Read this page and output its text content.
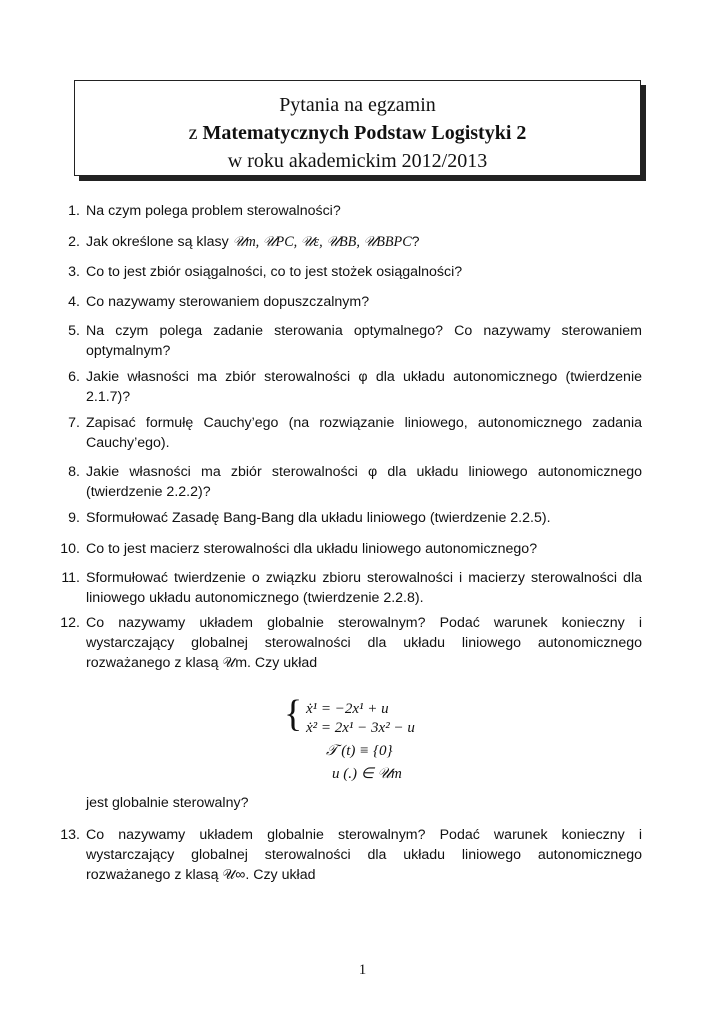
Pytania na egzamin
z Matematycznych Podstaw Logistyki 2
w roku akademickim 2012/2013
1. Na czym polega problem sterowalności?
2. Jak określone są klasy 𝒰m, 𝒰PC, 𝒰ε, 𝒰BB, 𝒰BBPC?
3. Co to jest zbiór osiągalności, co to jest stożek osiągalności?
4. Co nazywamy sterowaniem dopuszczalnym?
5. Na czym polega zadanie sterowania optymalnego? Co nazywamy sterowaniem optymalnym?
6. Jakie własności ma zbiór sterowalności φ dla układu autonomicznego (twierdzenie 2.1.7)?
7. Zapisać formułę Cauchy’ego (na rozwiązanie liniowego, autonomicznego zadania Cauchy’ego).
8. Jakie własności ma zbiór sterowalności φ dla układu liniowego autonomicznego (twierdzenie 2.2.2)?
9. Sformułować Zasadę Bang-Bang dla układu liniowego (twierdzenie 2.2.5).
10. Co to jest macierz sterowalności dla układu liniowego autonomicznego?
11. Sformułować twierdzenie o związku zbioru sterowalności i macierzy sterowalności dla liniowego układu autonomicznego (twierdzenie 2.2.8).
12. Co nazywamy układem globalnie sterowalnym? Podać warunek konieczny i wystarczający globalnej sterowalności dla układu liniowego autonomicznego rozważanego z klasą 𝒰m. Czy układ
{ ẋ¹ = −2x¹ + u
ẋ² = 2x¹ − 3x² − u
𝒯 (t) ≡ {0}
u (.) ∈ 𝒰m
jest globalnie sterowalny?
13. Co nazywamy układem globalnie sterowalnym? Podać warunek konieczny i wystarczający globalnej sterowalności dla układu liniowego autonomicznego rozważanego z klasą 𝒰∞. Czy układ
1
